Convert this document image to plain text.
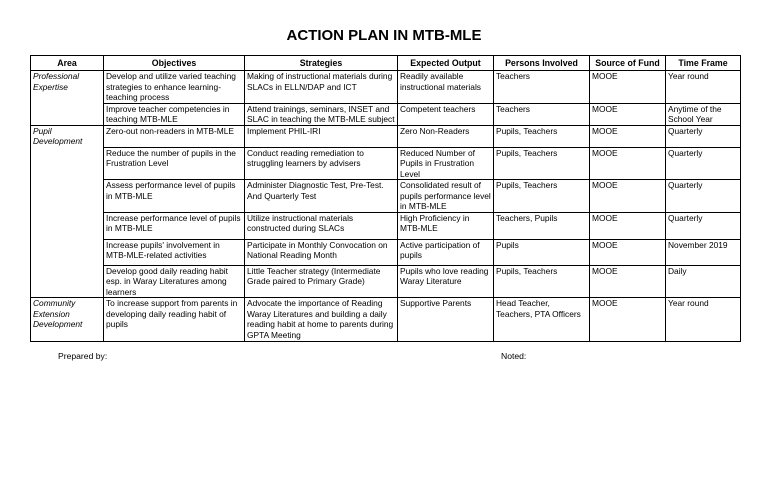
ACTION PLAN IN MTB-MLE
Area	Objectives	Strategies	Expected Output	Persons Involved	Source of Fund	Time Frame
Professional Expertise	Develop and utilize varied teaching strategies to enhance learning-teaching process	Making of instructional materials during SLACs in ELLN/DAP and ICT	Readily available instructional materials	Teachers	MOOE	Year round
	Improve teacher competencies in teaching MTB-MLE	Attend trainings, seminars, INSET and SLAC in teaching the MTB-MLE subject	Competent teachers	Teachers	MOOE	Anytime of the School Year
Pupil Development	Zero-out non-readers in MTB-MLE	Implement PHIL-IRI	Zero Non-Readers	Pupils, Teachers	MOOE	Quarterly
	Reduce the number of pupils in the Frustration Level	Conduct reading remediation to struggling learners by advisers	Reduced Number of Pupils in Frustration Level	Pupils, Teachers	MOOE	Quarterly
	Assess performance level of pupils in MTB-MLE	Administer Diagnostic Test, Pre-Test. And Quarterly Test	Consolidated result of pupils performance level in MTB-MLE	Pupils, Teachers	MOOE	Quarterly
	Increase performance level of pupils in MTB-MLE	Utilize instructional materials constructed during SLACs	High Proficiency in MTB-MLE	Teachers, Pupils	MOOE	Quarterly
	Increase pupils' involvement in MTB-MLE-related activities	Participate in Monthly Convocation on National Reading Month	Active participation of pupils	Pupils	MOOE	November 2019
	Develop good daily reading habit esp. in Waray Literatures among learners	Little Teacher strategy (Intermediate Grade paired to Primary Grade)	Pupils who love reading Waray Literature	Pupils, Teachers	MOOE	Daily
Community Extension Development	To increase support from parents in developing daily reading habit of pupils	Advocate the importance of Reading Waray Literatures and building a daily reading habit at home to parents during GPTA Meeting	Supportive Parents	Head Teacher, Teachers, PTA Officers	MOOE	Year round
Prepared by:	Noted:
